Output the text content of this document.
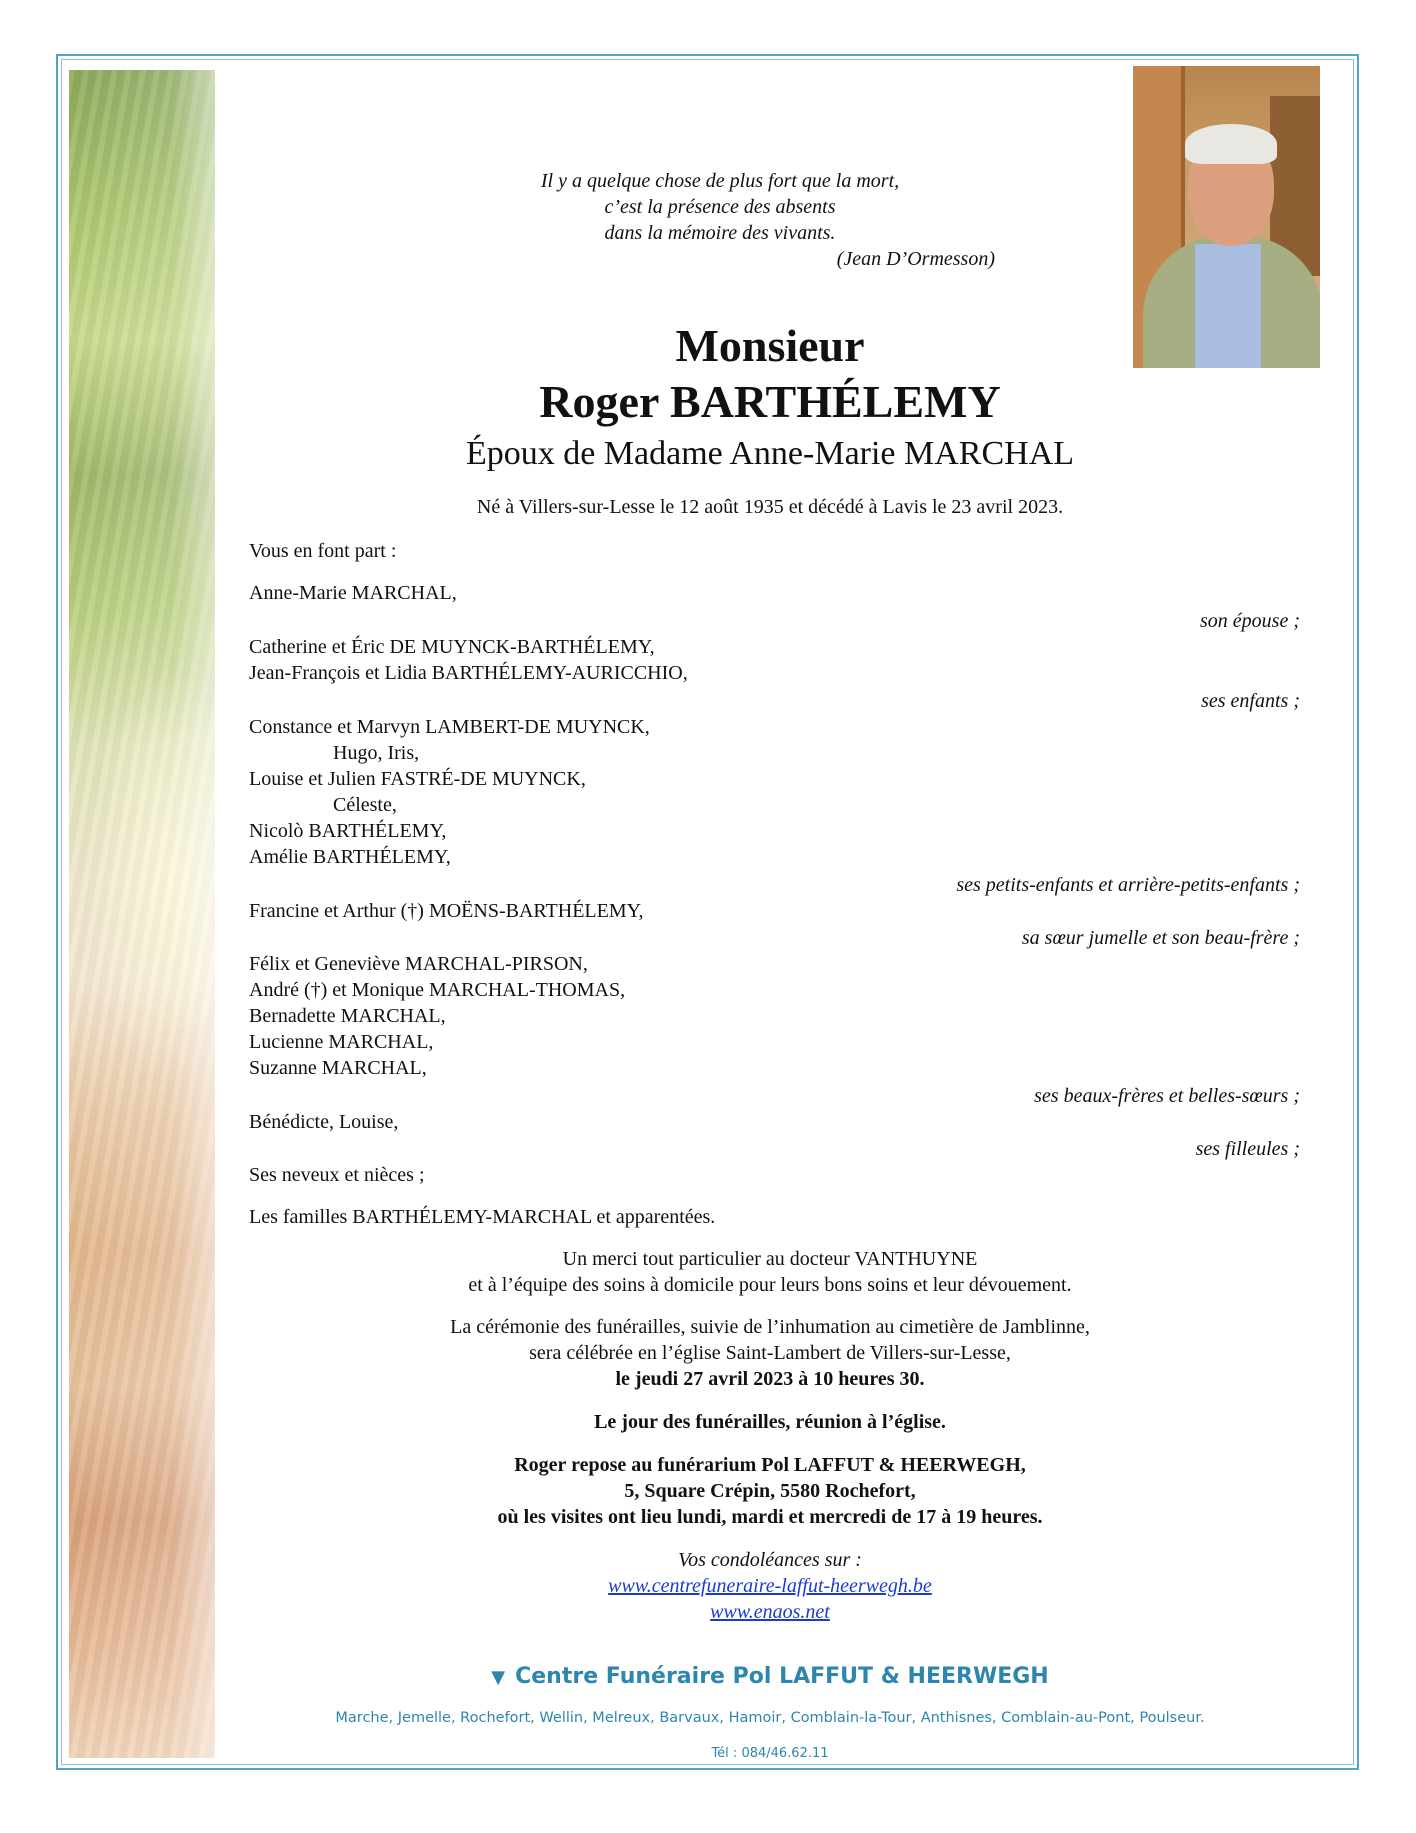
Il y a quelque chose de plus fort que la mort,
c’est la présence des absents
dans la mémoire des vivants.
(Jean D’Ormesson)
Monsieur
Roger BARTHÉLEMY
Époux de Madame Anne-Marie MARCHAL
Né à Villers-sur-Lesse le 12 août 1935 et décédé à Lavis le 23 avril 2023.
Vous en font part :
Anne-Marie MARCHAL,
son épouse ;
Catherine et Éric DE MUYNCK-BARTHÉLEMY,
Jean-François et Lidia BARTHÉLEMY-AURICCHIO,
ses enfants ;
Constance et Marvyn LAMBERT-DE MUYNCK,
Hugo, Iris,
Louise et Julien FASTRÉ-DE MUYNCK,
Céleste,
Nicolò BARTHÉLEMY,
Amélie BARTHÉLEMY,
ses petits-enfants et arrière-petits-enfants ;
Francine et Arthur (†) MOËNS-BARTHÉLEMY,
sa sœur jumelle et son beau-frère ;
Félix et Geneviève MARCHAL-PIRSON,
André (†) et Monique MARCHAL-THOMAS,
Bernadette MARCHAL,
Lucienne MARCHAL,
Suzanne MARCHAL,
ses beaux-frères et belles-sœurs ;
Bénédicte, Louise,
ses filleules ;
Ses neveux et nièces ;
Les familles BARTHÉLEMY-MARCHAL et apparentées.
Un merci tout particulier au docteur VANTHUYNE
et à l’équipe des soins à domicile pour leurs bons soins et leur dévouement.
La cérémonie des funérailles, suivie de l’inhumation au cimetière de Jamblinne,
sera célébrée en l’église Saint-Lambert de Villers-sur-Lesse,
le jeudi 27 avril 2023 à 10 heures 30.
Le jour des funérailles, réunion à l’église.
Roger repose au funérarium Pol LAFFUT & HEERWEGH,
5, Square Crépin, 5580 Rochefort,
où les visites ont lieu lundi, mardi et mercredi de 17 à 19 heures.
Vos condoléances sur :
www.centrefuneraire-laffut-heerwegh.be
www.enaos.net
▼ Centre Funéraire Pol LAFFUT & HEERWEGH
Marche, Jemelle, Rochefort, Wellin, Melreux, Barvaux, Hamoir, Comblain-la-Tour, Anthisnes, Comblain-au-Pont, Poulseur.
Tél : 084/46.62.11
